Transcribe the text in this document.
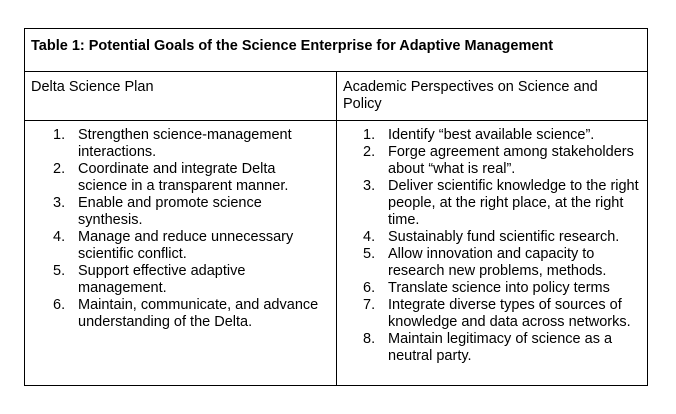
Table 1: Potential Goals of the Science Enterprise for Adaptive Management
Delta Science Plan	Academic Perspectives on Science and Policy
1. Strengthen science-management interactions.
2. Coordinate and integrate Delta science in a transparent manner.
3. Enable and promote science synthesis.
4. Manage and reduce unnecessary scientific conflict.
5. Support effective adaptive management.
6. Maintain, communicate, and advance understanding of the Delta.
1. Identify “best available science”.
2. Forge agreement among stakeholders about “what is real”.
3. Deliver scientific knowledge to the right people, at the right place, at the right time.
4. Sustainably fund scientific research.
5. Allow innovation and capacity to research new problems, methods.
6. Translate science into policy terms
7. Integrate diverse types of sources of knowledge and data across networks.
8. Maintain legitimacy of science as a neutral party.
